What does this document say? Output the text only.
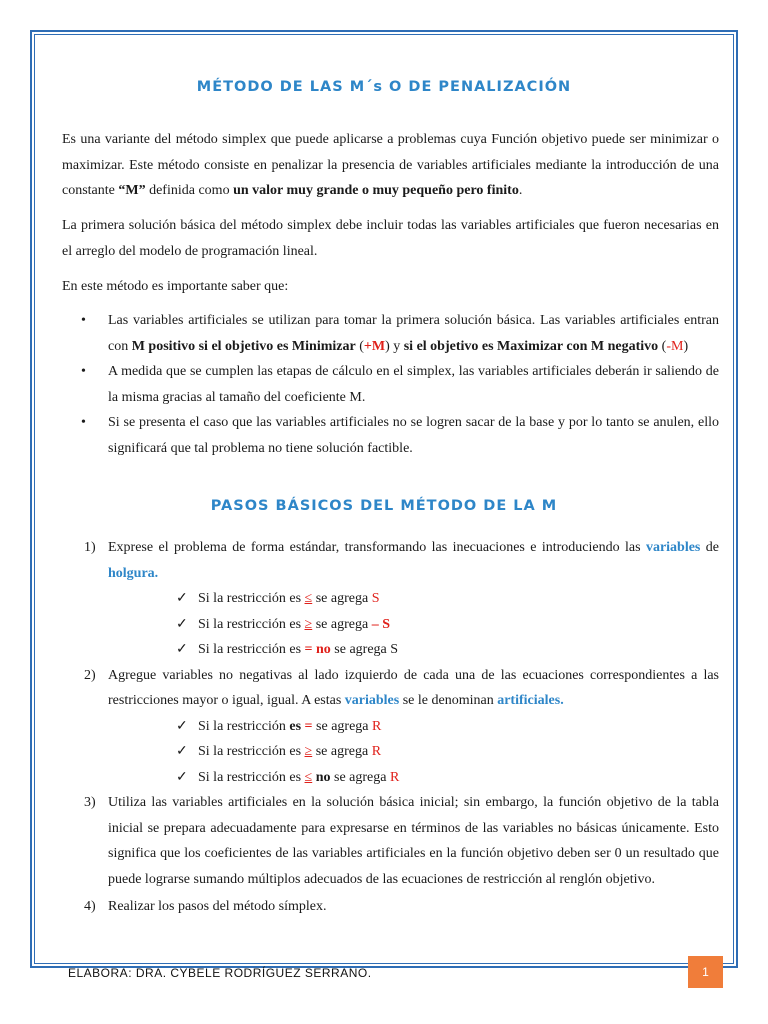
MÉTODO DE LAS M´s O DE PENALIZACIÓN

Es una variante del método simplex que puede aplicarse a problemas cuya Función objetivo puede ser minimizar o maximizar. Este método consiste en penalizar la presencia de variables artificiales mediante la introducción de una constante “M” definida como un valor muy grande o muy pequeño pero finito.

La primera solución básica del método simplex debe incluir todas las variables artificiales que fueron necesarias en el arreglo del modelo de programación lineal.

En este método es importante saber que:

• Las variables artificiales se utilizan para tomar la primera solución básica. Las variables artificiales entran con M positivo si el objetivo es Minimizar (+M) y si el objetivo es Maximizar con M negativo (-M)
• A medida que se cumplen las etapas de cálculo en el simplex, las variables artificiales deberán ir saliendo de la misma gracias al tamaño del coeficiente M.
• Si se presenta el caso que las variables artificiales no se logren sacar de la base y por lo tanto se anulen, ello significará que tal problema no tiene solución factible.
PASOS BÁSICOS DEL MÉTODO DE LA M
1) Exprese el problema de forma estándar, transformando las inecuaciones e introduciendo las variables de holgura.
✓ Si la restricción es ≤ se agrega S
✓ Si la restricción es ≥ se agrega – S
✓ Si la restricción es = no se agrega S
2) Agregue variables no negativas al lado izquierdo de cada una de las ecuaciones correspondientes a las restricciones mayor o igual, igual. A estas variables se le denominan artificiales.
✓ Si la restricción es = se agrega R
✓ Si la restricción es ≥ se agrega R
✓ Si la restricción es ≤ no se agrega R
3) Utiliza las variables artificiales en la solución básica inicial; sin embargo, la función objetivo de la tabla inicial se prepara adecuadamente para expresarse en términos de las variables no básicas únicamente. Esto significa que los coeficientes de las variables artificiales en la función objetivo deben ser 0 un resultado que puede lograrse sumando múltiplos adecuados de las ecuaciones de restricción al renglón objetivo.
4) Realizar los pasos del método símplex.
ELABORA: DRA. CYBELE RODRÍGUEZ SERRANO.	1
